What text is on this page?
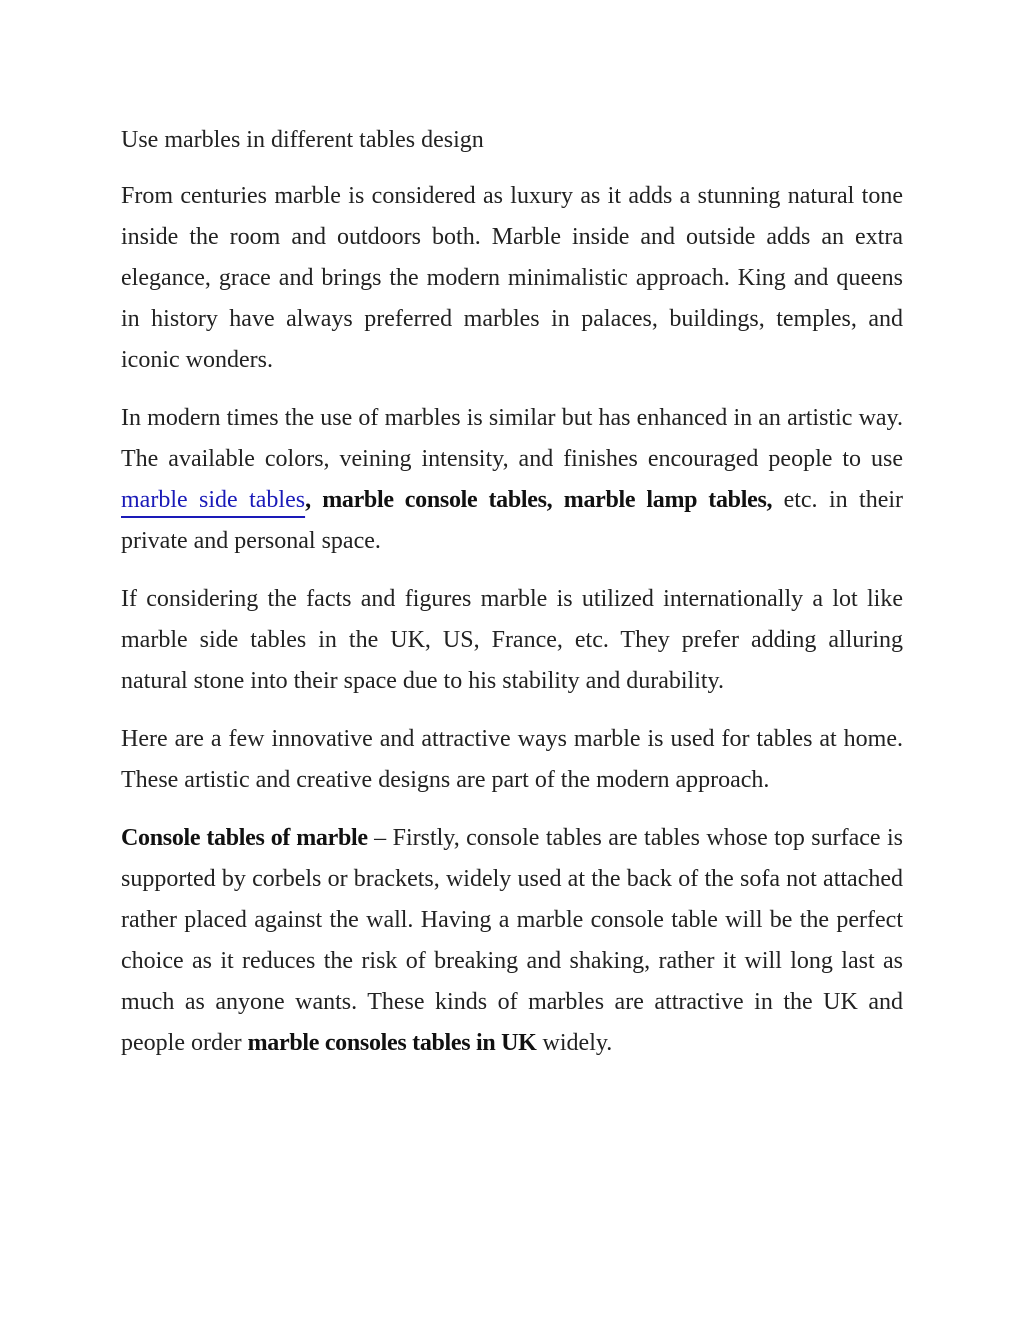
Use marbles in different tables design
From centuries marble is considered as luxury as it adds a stunning natural tone inside the room and outdoors both. Marble inside and outside adds an extra elegance, grace and brings the modern minimalistic approach. King and queens in history have always preferred marbles in palaces, buildings, temples, and iconic wonders.
In modern times the use of marbles is similar but has enhanced in an artistic way. The available colors, veining intensity, and finishes encouraged people to use marble side tables, marble console tables, marble lamp tables, etc. in their private and personal space.
If considering the facts and figures marble is utilized internationally a lot like marble side tables in the UK, US, France, etc. They prefer adding alluring natural stone into their space due to his stability and durability.
Here are a few innovative and attractive ways marble is used for tables at home. These artistic and creative designs are part of the modern approach.
Console tables of marble – Firstly, console tables are tables whose top surface is supported by corbels or brackets, widely used at the back of the sofa not attached rather placed against the wall. Having a marble console table will be the perfect choice as it reduces the risk of breaking and shaking, rather it will long last as much as anyone wants. These kinds of marbles are attractive in the UK and people order marble consoles tables in UK widely.
